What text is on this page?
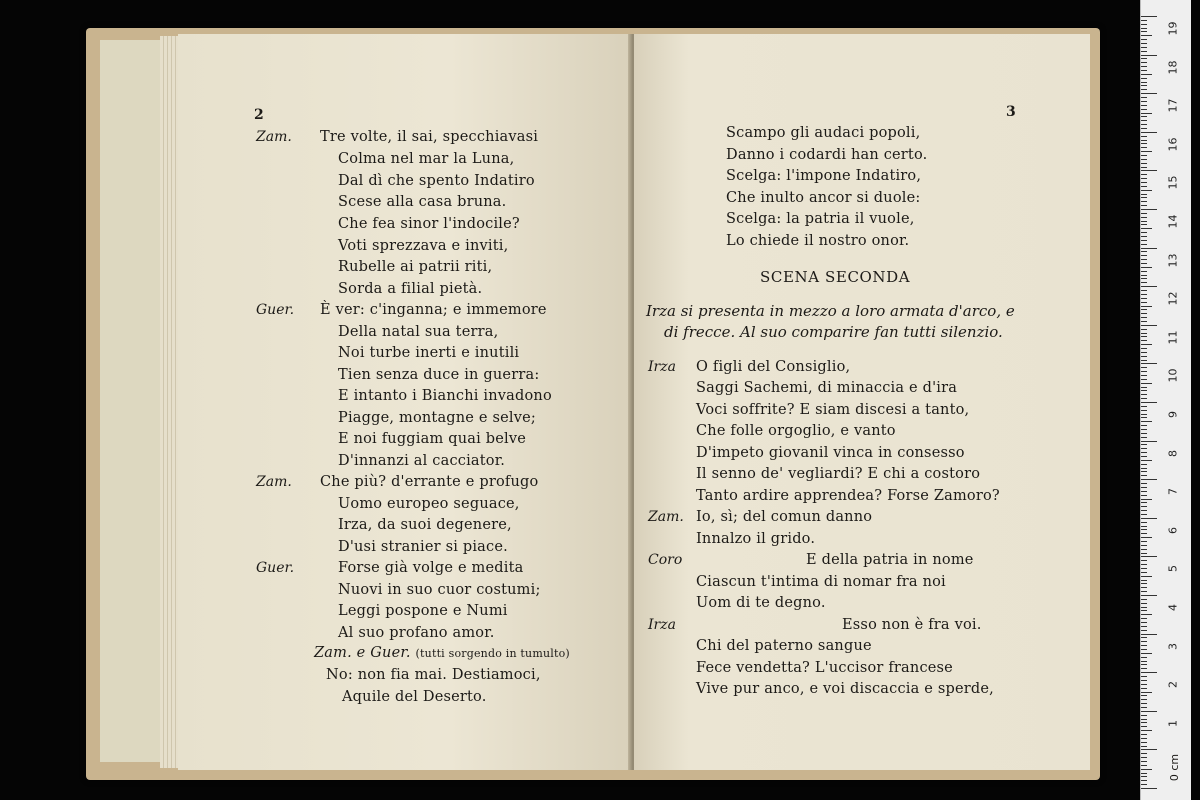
2
Zam. Tre volte, il sai, specchiavasi
Colma nel mar la Luna,
Dal dì che spento Indatiro
Scese alla casa bruna.
Che fea sinor l'indocile?
Voti sprezzava e inviti,
Rubelle ai patrii riti,
Sorda a filial pietà.
Guer. È ver: c'inganna; e immemore
Della natal sua terra,
Noi turbe inerti e inutili
Tien senza duce in guerra:
E intanto i Bianchi invadono
Piagge, montagne e selve;
E noi fuggiam quai belve
D'innanzi al cacciator.
Zam. Che più? d'errante e profugo
Uomo europeo seguace,
Irza, da suoi degenere,
D'usi stranier si piace.
Guer.	Forse già volge e medita
Nuovi in suo cuor costumi;
Leggi pospone e Numi
Al suo profano amor.
Zam. e Guer. (tutti sorgendo in tumulto)
No: non fia mai. Destiamoci,
Aquile del Deserto.
3
Scampo gli audaci popoli,
Danno i codardi han certo.
Scelga: l'impone Indatiro,
Che inulto ancor si duole:
Scelga: la patria il vuole,
Lo chiede il nostro onor.
SCENA SECONDA
Irza si presenta in mezzo a loro armata d'arco, e
di frecce. Al suo comparire fan tutti silenzio.
Irza O figli del Consiglio,
Saggi Sachemi, di minaccia e d'ira
Voci soffrite? E siam discesi a tanto,
Che folle orgoglio, e vanto
D'impeto giovanil vinca in consesso
Il senno de' vegliardi? E chi a costoro
Tanto ardire apprendea? Forse Zamoro?
Zam. Io, sì; del comun danno
Innalzo il grido.
Coro	E della patria in nome
Ciascun t'intima di nomar fra noi
Uom di te degno.
Irza	Esso non è fra voi.
Chi del paterno sangue
Fece vendetta? L'uccisor francese
Vive pur anco, e voi discaccia e sperde,
0 cm
19
18
17
16
15
14
13
12
11
10
9
8
7
6
5
4
3
2
1
